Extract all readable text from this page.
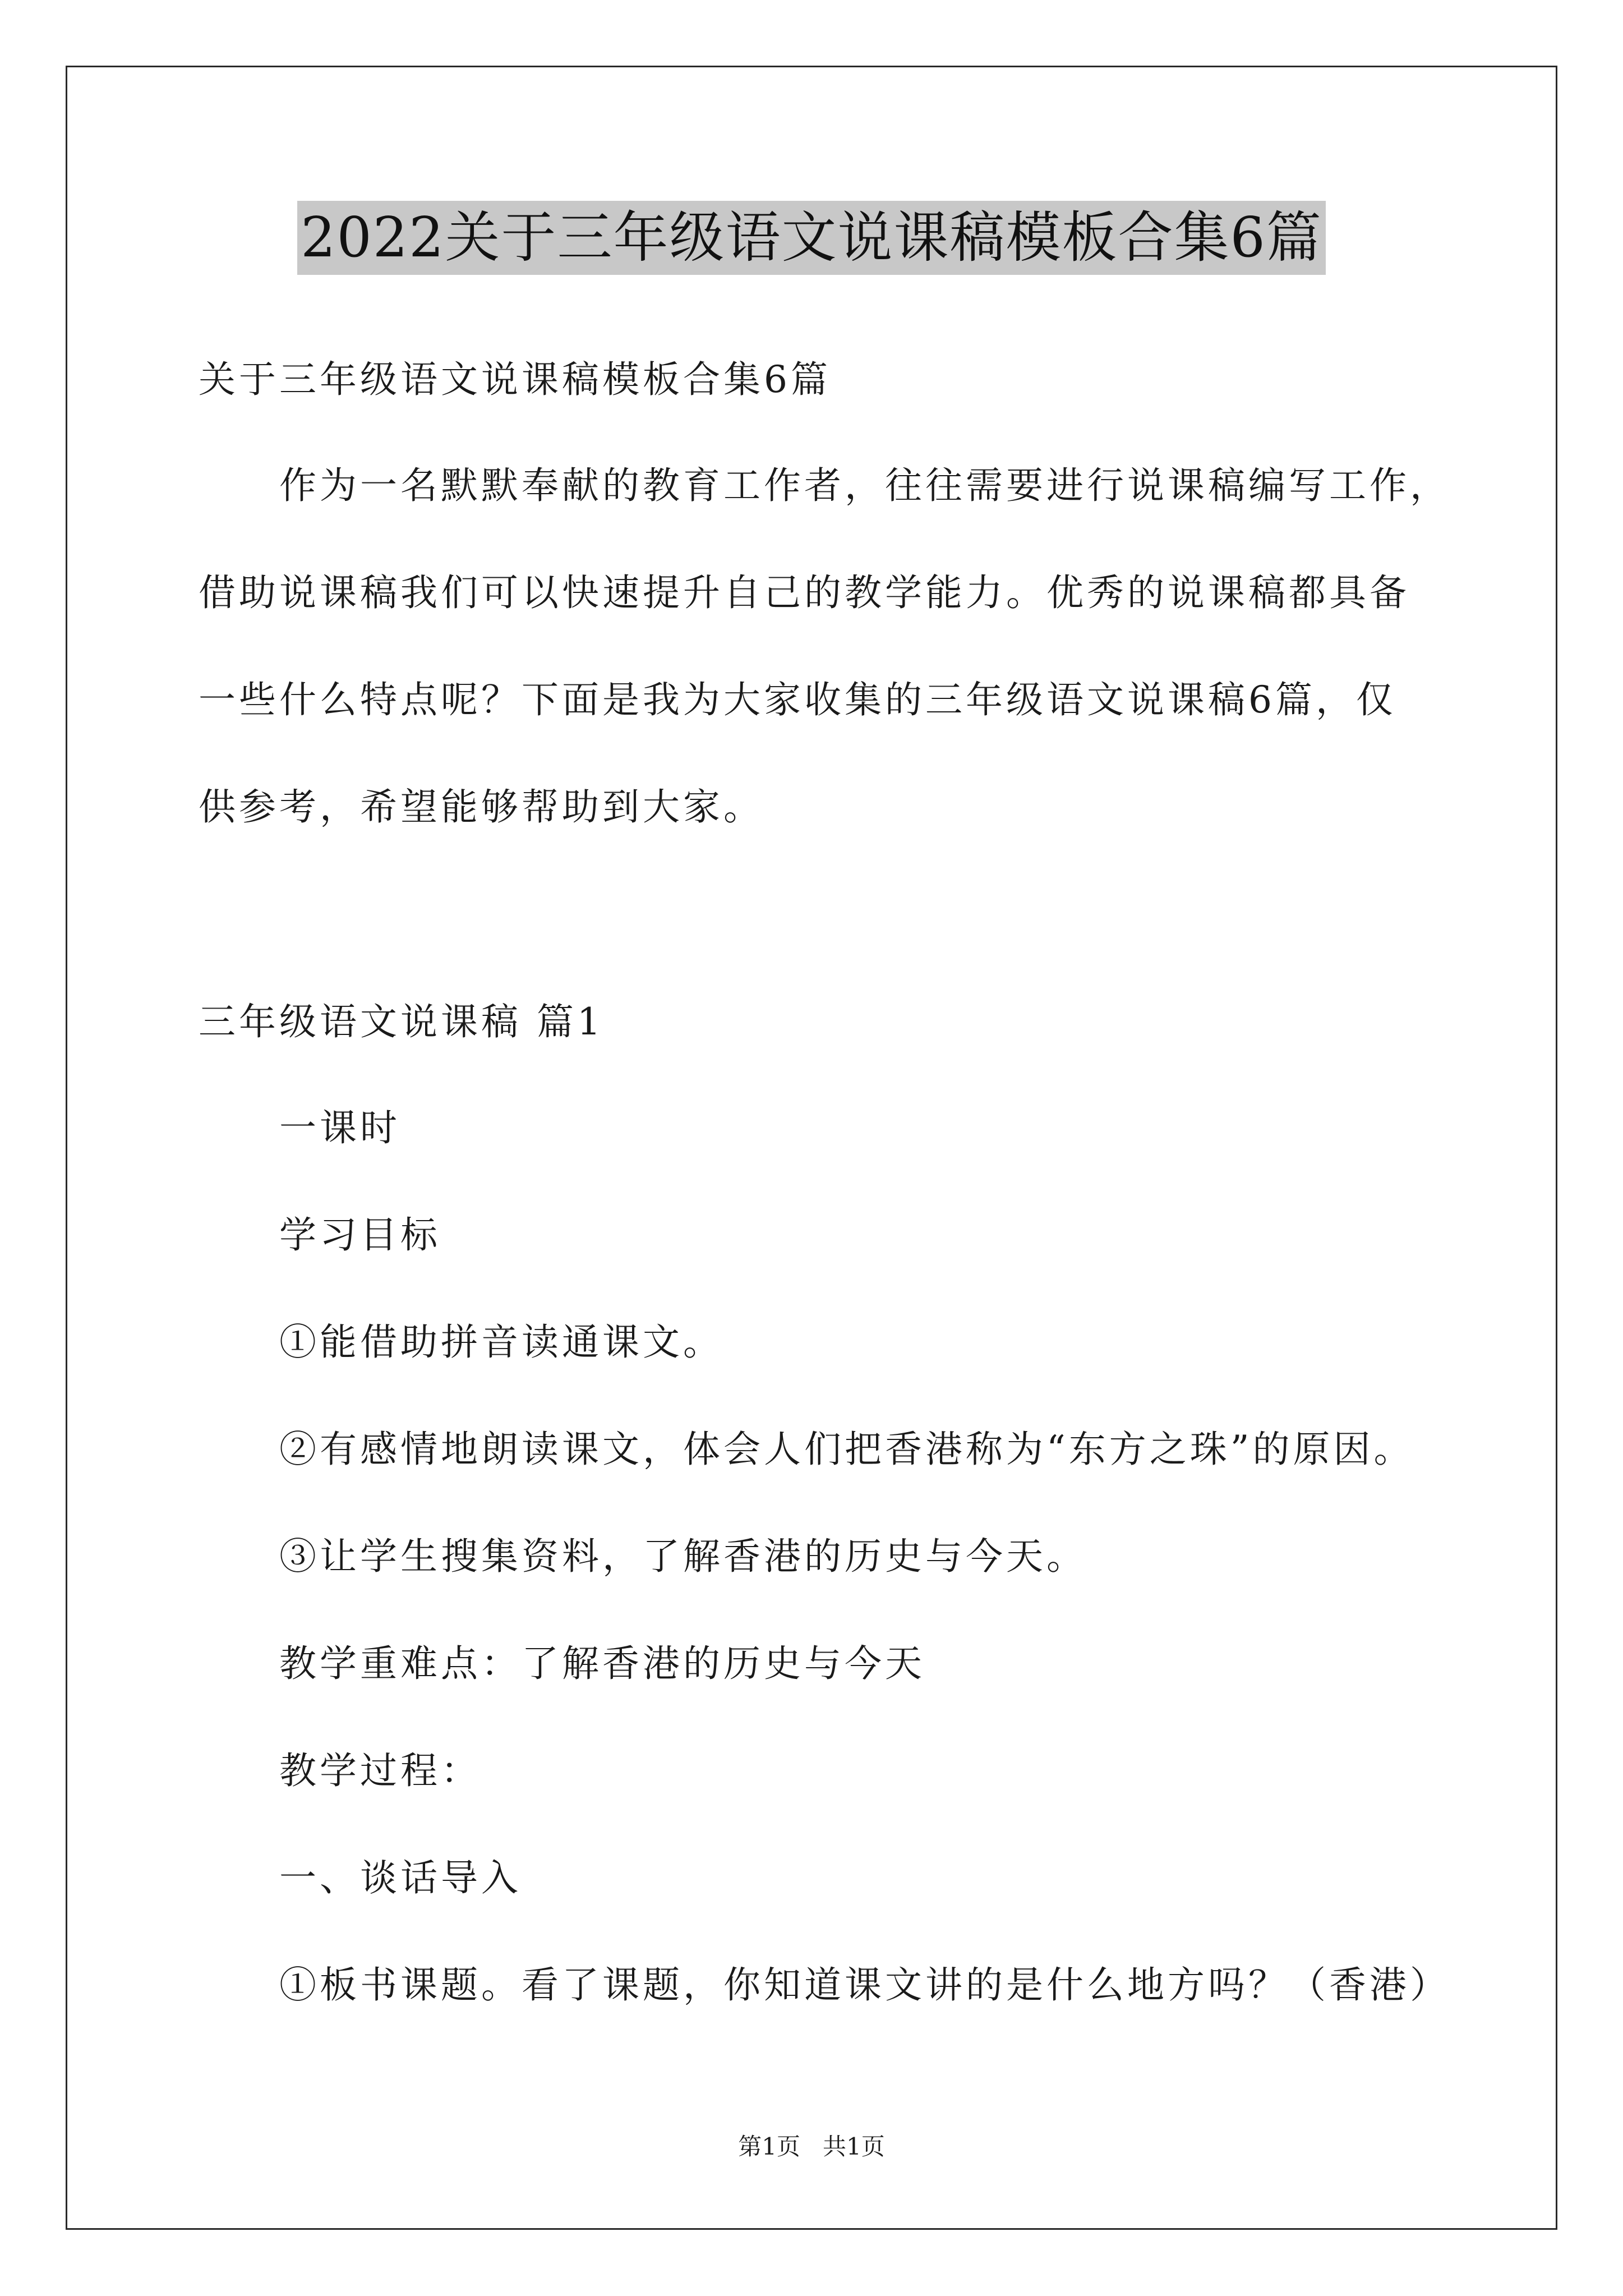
2022关于三年级语文说课稿模板合集6篇
关于三年级语文说课稿模板合集6篇
作为一名默默奉献的教育工作者，往往需要进行说课稿编写工作，
借助说课稿我们可以快速提升自己的教学能力。优秀的说课稿都具备
一些什么特点呢？下面是我为大家收集的三年级语文说课稿6篇，仅
供参考，希望能够帮助到大家。
三年级语文说课稿 篇1
一课时
学习目标
①能借助拼音读通课文。
②有感情地朗读课文，体会人们把香港称为“东方之珠”的原因。
③让学生搜集资料，了解香港的历史与今天。
教学重难点：了解香港的历史与今天
教学过程：
一、谈话导入
①板书课题。看了课题，你知道课文讲的是什么地方吗？（香港）
第1页 共1页
